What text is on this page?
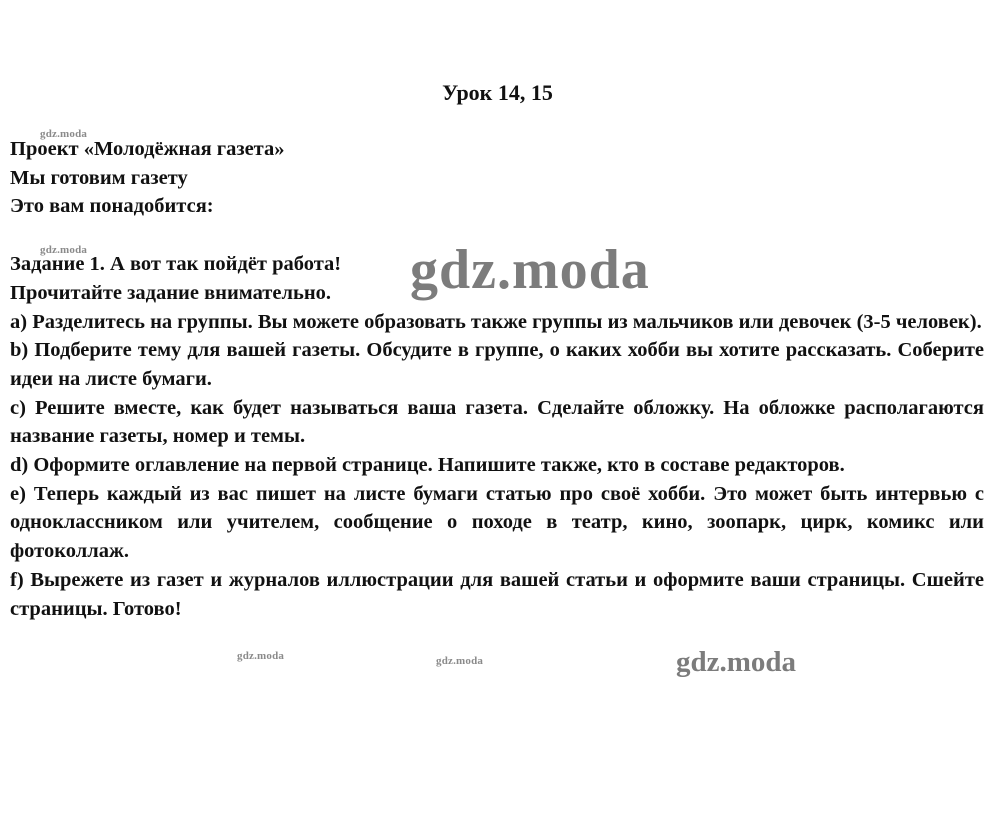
Урок 14, 15

Проект «Молодёжная газета»

Мы готовим газету

Это вам понадобится:

Задание 1. А вот так пойдёт работа!

Прочитайте задание внимательно.

a) Разделитесь на группы. Вы можете образовать также группы из мальчиков или девочек (3-5 человек).

b) Подберите тему для вашей газеты. Обсудите в группе, о каких хобби вы хотите рассказать. Соберите идеи на листе бумаги.

c) Решите вместе, как будет называться ваша газета. Сделайте обложку. На обложке располагаются название газеты, номер и темы.

d) Оформите оглавление на первой странице. Напишите также, кто в составе редакторов.

e) Теперь каждый из вас пишет на листе бумаги статью про своё хобби. Это может быть интервью с одноклассником или учителем, сообщение о походе в театр, кино, зоопарк, цирк, комикс или фотоколлаж.

f) Вырежете из газет и журналов иллюстрации для вашей статьи и оформите ваши страницы. Сшейте страницы. Готово!

gdz.moda
gdz.moda
gdz.moda	gdz.moda
gdz.moda
gdz.moda
